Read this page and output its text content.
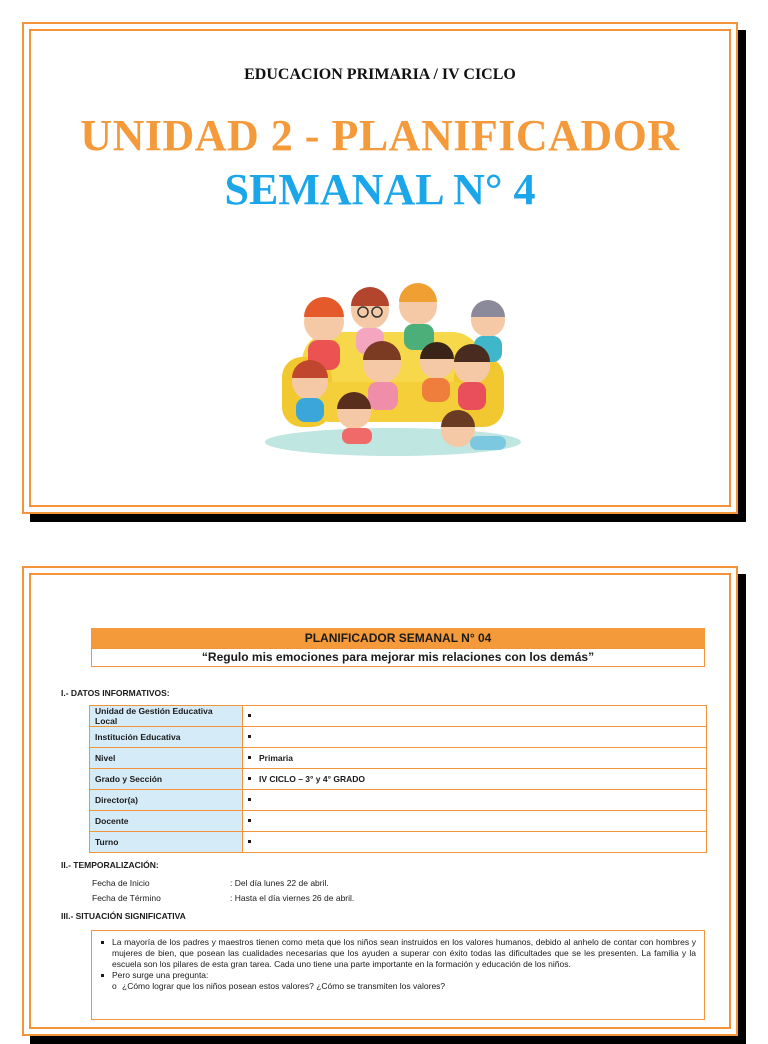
EDUCACION PRIMARIA / IV CICLO
UNIDAD 2 - PLANIFICADOR
SEMANAL N° 4
PLANIFICADOR SEMANAL N° 04
“Regulo mis emociones para mejorar mis relaciones con los demás”
I.- DATOS INFORMATIVOS:
Unidad de Gestión Educativa Local	
Institución Educativa	
Nivel	Primaria
Grado y Sección	IV CICLO – 3° y 4° GRADO
Director(a)	
Docente	
Turno	
II.- TEMPORALIZACIÓN:
Fecha de Inicio	: Del día lunes 22 de abril.
Fecha de Término	: Hasta el día viernes 26 de abril.
III.- SITUACIÓN SIGNIFICATIVA
La mayoría de los padres y maestros tienen como meta que los niños sean instruidos en los valores humanos, debido al anhelo de contar con hombres y mujeres de bien, que posean las cualidades necesarias que los ayuden a superar con éxito todas las dificultades que se les presenten. La familia y la escuela son los pilares de esta gran tarea. Cada uno tiene una parte importante en la formación y educación de los niños.
Pero surge una pregunta:
o ¿Cómo lograr que los niños posean estos valores? ¿Cómo se transmiten los valores?
